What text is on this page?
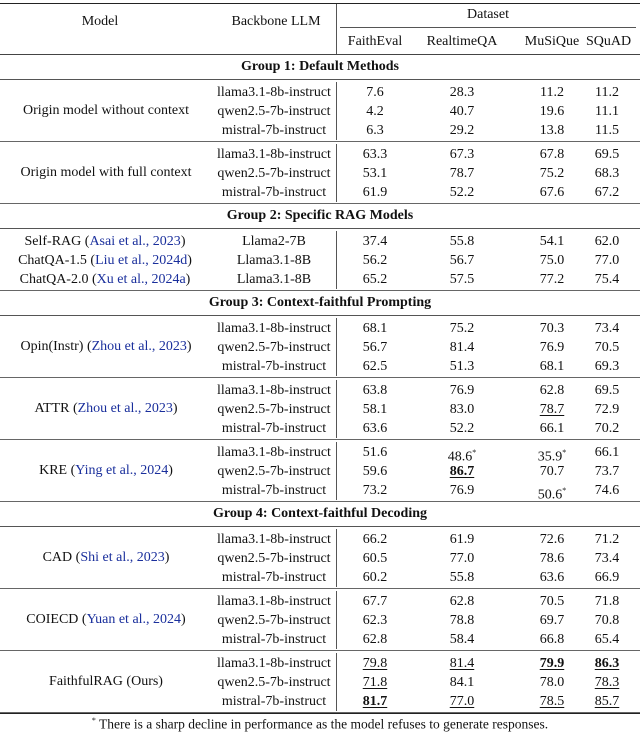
Model	Backbone LLM	Dataset
FaithEval	RealtimeQA	MuSiQue SQuAD
Group 1: Default Methods
Origin model without context
llama3.1-8b-instruct	7.6	28.3	11.2	11.2
qwen2.5-7b-instruct	4.2	40.7	19.6	11.1
mistral-7b-instruct	6.3	29.2	13.8	11.5
Origin model with full context
llama3.1-8b-instruct	63.3	67.3	67.8	69.5
qwen2.5-7b-instruct	53.1	78.7	75.2	68.3
mistral-7b-instruct	61.9	52.2	67.6	67.2
Group 2: Specific RAG Models
Self-RAG (Asai et al., 2023)	Llama2-7B	37.4	55.8	54.1	62.0
ChatQA-1.5 (Liu et al., 2024d)	Llama3.1-8B	56.2	56.7	75.0	77.0
ChatQA-2.0 (Xu et al., 2024a)	Llama3.1-8B	65.2	57.5	77.2	75.4
Group 3: Context-faithful Prompting
Opin(Instr) (Zhou et al., 2023)
llama3.1-8b-instruct	68.1	75.2	70.3	73.4
qwen2.5-7b-instruct	56.7	81.4	76.9	70.5
mistral-7b-instruct	62.5	51.3	68.1	69.3
ATTR (Zhou et al., 2023)
llama3.1-8b-instruct	63.8	76.9	62.8	69.5
qwen2.5-7b-instruct	58.1	83.0	78.7	72.9
mistral-7b-instruct	63.6	52.2	66.1	70.2
KRE (Ying et al., 2024)
llama3.1-8b-instruct	51.6	48.6*	35.9*	66.1
qwen2.5-7b-instruct	59.6	86.7	70.7	73.7
mistral-7b-instruct	73.2	76.9	50.6*	74.6
Group 4: Context-faithful Decoding
CAD (Shi et al., 2023)
llama3.1-8b-instruct	66.2	61.9	72.6	71.2
qwen2.5-7b-instruct	60.5	77.0	78.6	73.4
mistral-7b-instruct	60.2	55.8	63.6	66.9
COIECD (Yuan et al., 2024)
llama3.1-8b-instruct	67.7	62.8	70.5	71.8
qwen2.5-7b-instruct	62.3	78.8	69.7	70.8
mistral-7b-instruct	62.8	58.4	66.8	65.4
FaithfulRAG (Ours)
llama3.1-8b-instruct	79.8	81.4	79.9	86.3
qwen2.5-7b-instruct	71.8	84.1	78.0	78.3
mistral-7b-instruct	81.7	77.0	78.5	85.7
* There is a sharp decline in performance as the model refuses to generate responses.
